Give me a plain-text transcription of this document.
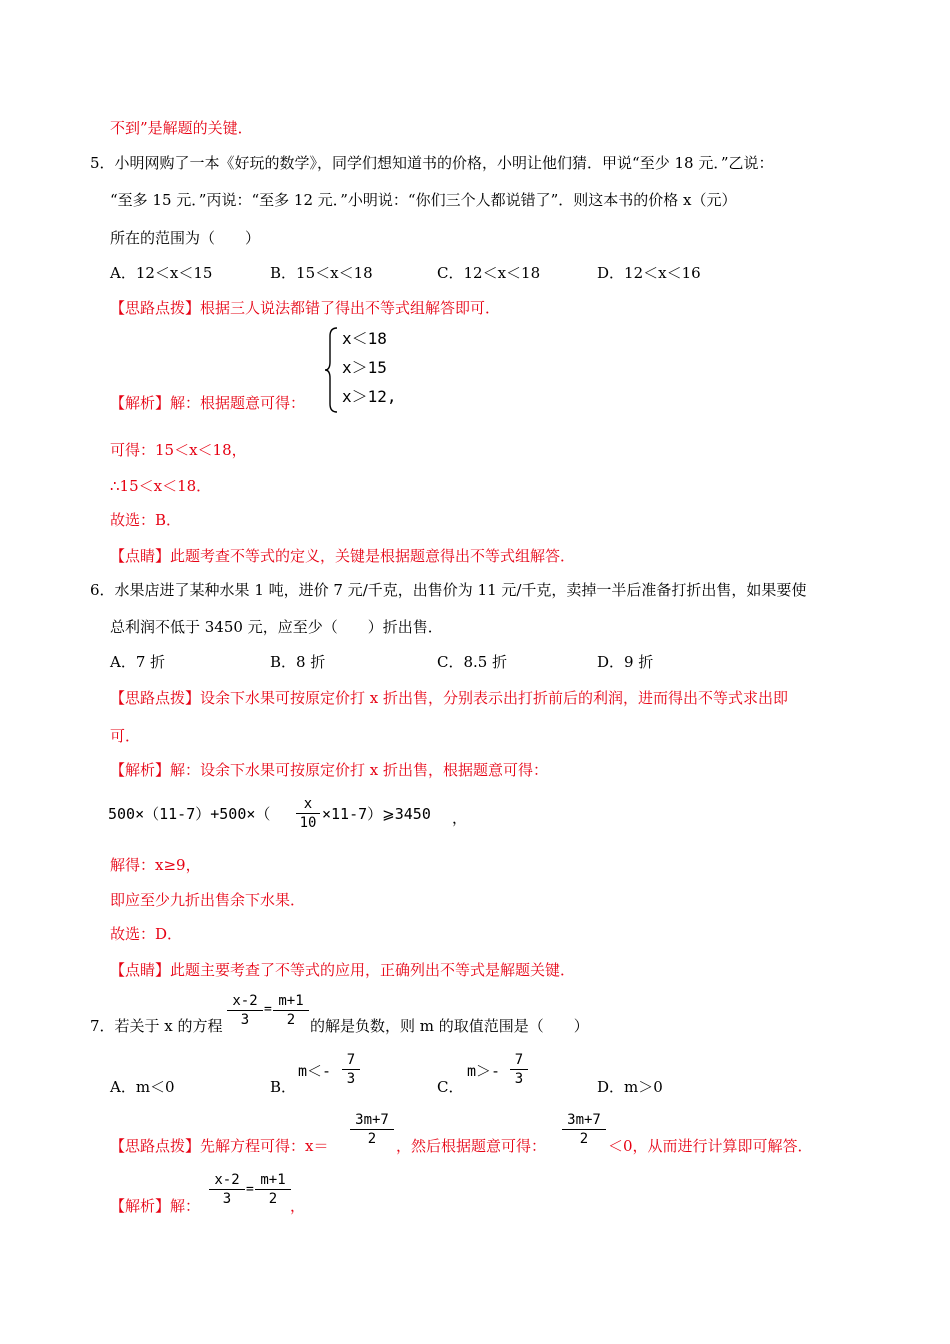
不到”是解题的关键．
5．小明网购了一本《好玩的数学》，同学们想知道书的价格，小明让他们猜．甲说“至少 18 元．”乙说：
“至多 15 元．”丙说：“至多 12 元．”小明说：“你们三个人都说错了”．则这本书的价格 x（元）
所在的范围为（　　）
A．12＜x＜15	B．15＜x＜18	C．12＜x＜18	D．12＜x＜16
【思路点拨】根据三人说法都错了得出不等式组解答即可．
【解析】解：根据题意可得：
x＜18
x＞15
x＞12,
可得：15＜x＜18，
∴15＜x＜18．
故选：B．
【点睛】此题考查不等式的定义，关键是根据题意得出不等式组解答．
6．水果店进了某种水果 1 吨，进价 7 元/千克，出售价为 11 元/千克，卖掉一半后准备打折出售，如果要使
总利润不低于 3450 元，应至少（　　）折出售．
A．7 折	B．8 折	C．8.5 折	D．9 折
【思路点拨】设余下水果可按原定价打 x 折出售，分别表示出打折前后的利润，进而得出不等式求出即
可．
【解析】解：设余下水果可按原定价打 x 折出售，根据题意可得：
$500\times(11-7)+500\times( \frac{x}{10}$ ×11-7）⩾3450 ，
解得：x≥9，
即应至少九折出售余下水果．
故选：D．
【点睛】此题主要考查了不等式的应用，正确列出不等式是解题关键．
7．若关于 x 的方程 $\frac{x-2}{3} = \frac{m+1}{2}$ 的解是负数，则 m 的取值范围是（　　）
A．m＜0	B．
$m<- \frac{7}{3}$	C．
$m>- \frac{7}{3}$	D．m＞0
【思路点拨】先解方程可得：$x= \frac{3m+7}{2}$ ，然后根据题意可得： $\frac{3m+7}{2} <0$，从而进行计算即可解答．
【解析】解： $\frac{x-2}{3} = \frac{m+1}{2}$ ，
